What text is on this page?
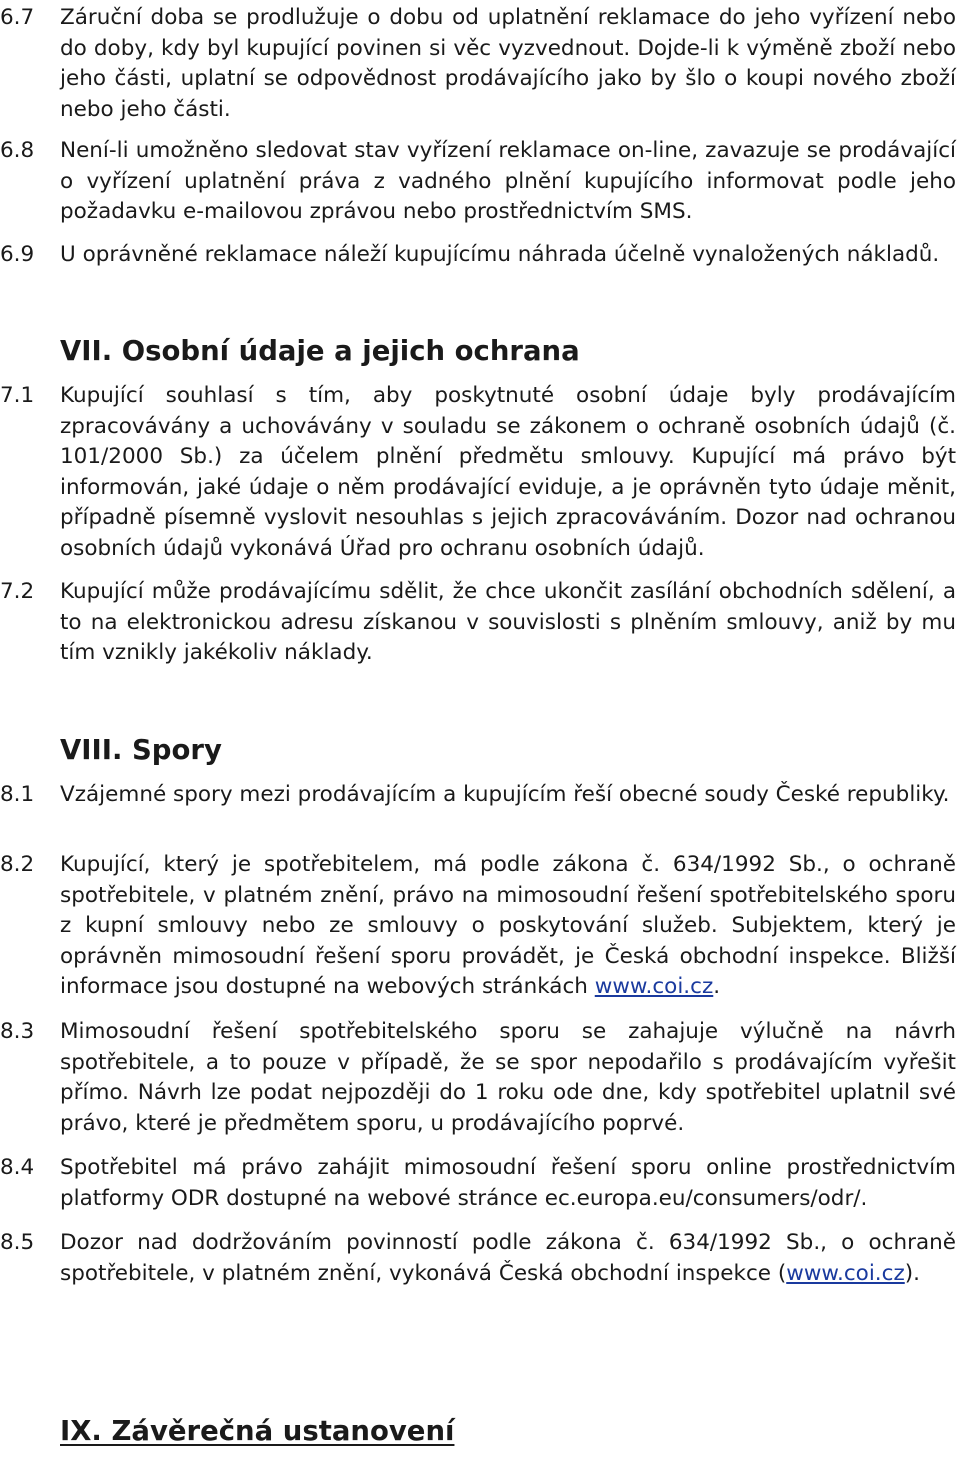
6.7	Záruční doba se prodlužuje o dobu od uplatnění reklamace do jeho vyřízení nebo do doby, kdy byl kupující povinen si věc vyzvednout. Dojde-li k výměně zboží nebo jeho části, uplatní se odpovědnost prodávajícího jako by šlo o koupi nového zboží nebo jeho části.
6.8	Není-li umožněno sledovat stav vyřízení reklamace on-line, zavazuje se prodávající o vyřízení uplatnění práva z vadného plnění kupujícího informovat podle jeho požadavku e-mailovou zprávou nebo prostřednictvím SMS.
6.9	U oprávněné reklamace náleží kupujícímu náhrada účelně vynaložených nákladů.
VII. Osobní údaje a jejich ochrana
7.1	Kupující souhlasí s tím, aby poskytnuté osobní údaje byly prodávajícím zpracovávány a uchovávány v souladu se zákonem o ochraně osobních údajů (č. 101/2000 Sb.) za účelem plnění předmětu smlouvy. Kupující má právo být informován, jaké údaje o něm prodávající eviduje, a je oprávněn tyto údaje měnit, případně písemně vyslovit nesouhlas s jejich zpracováváním. Dozor nad ochranou osobních údajů vykonává Úřad pro ochranu osobních údajů.
7.2	Kupující může prodávajícímu sdělit, že chce ukončit zasílání obchodních sdělení, a to na elektronickou adresu získanou v souvislosti s plněním smlouvy, aniž by mu tím vznikly jakékoliv náklady.
VIII. Spory
8.1	Vzájemné spory mezi prodávajícím a kupujícím řeší obecné soudy České republiky.
8.2	Kupující, který je spotřebitelem, má podle zákona č. 634/1992 Sb., o ochraně spotřebitele, v platném znění, právo na mimosoudní řešení spotřebitelského sporu z kupní smlouvy nebo ze smlouvy o poskytování služeb. Subjektem, který je oprávněn mimosoudní řešení sporu provádět, je Česká obchodní inspekce. Bližší informace jsou dostupné na webových stránkách www.coi.cz.
8.3	Mimosoudní řešení spotřebitelského sporu se zahajuje výlučně na návrh spotřebitele, a to pouze v případě, že se spor nepodařilo s prodávajícím vyřešit přímo. Návrh lze podat nejpozději do 1 roku ode dne, kdy spotřebitel uplatnil své právo, které je předmětem sporu, u prodávajícího poprvé.
8.4	Spotřebitel má právo zahájit mimosoudní řešení sporu online prostřednictvím platformy ODR dostupné na webové stránce ec.europa.eu/consumers/odr/.
8.5	Dozor nad dodržováním povinností podle zákona č. 634/1992 Sb., o ochraně spotřebitele, v platném znění, vykonává Česká obchodní inspekce (www.coi.cz).
IX. Závěrečná ustanovení
